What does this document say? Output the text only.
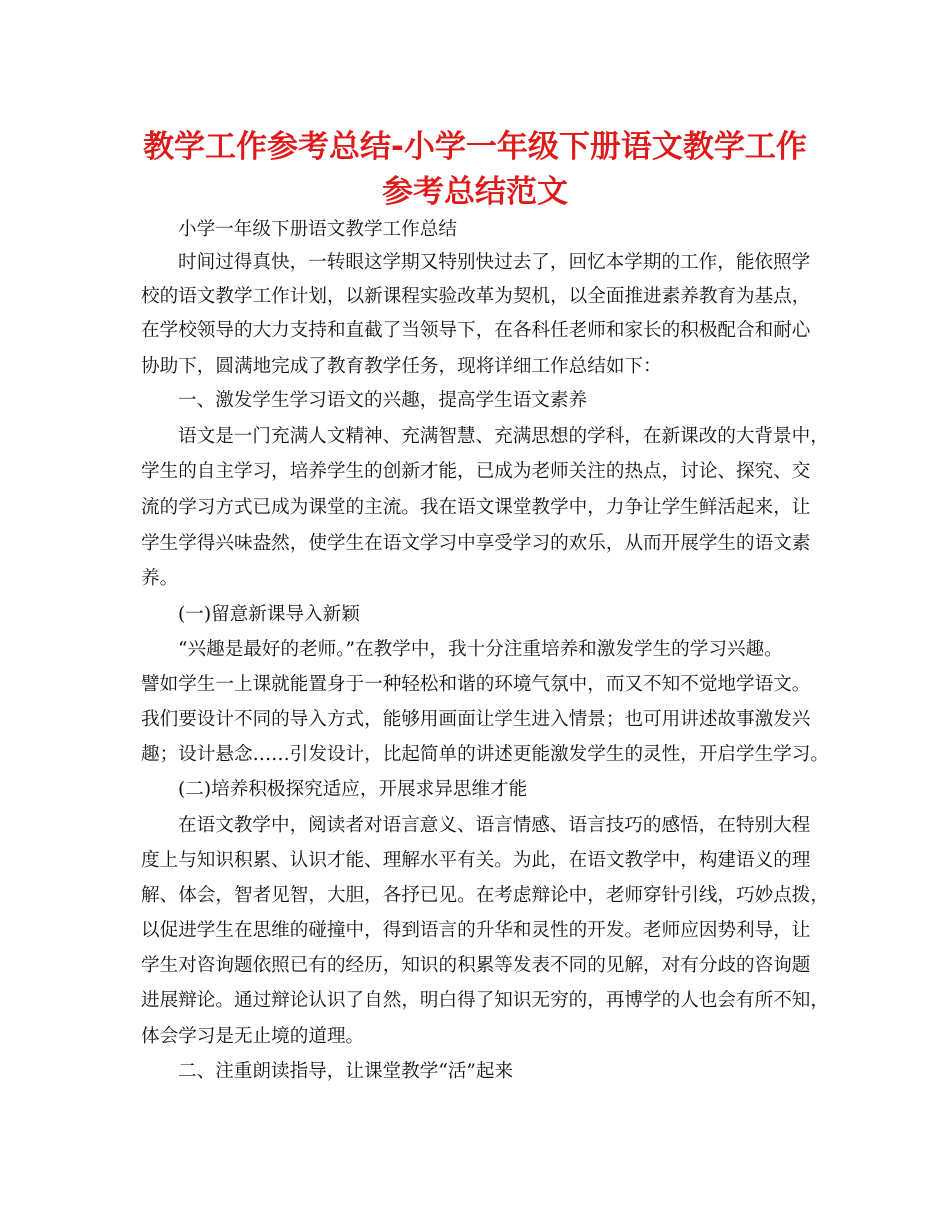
教学工作参考总结-小学一年级下册语文教学工作
参考总结范文
小学一年级下册语文教学工作总结
时间过得真快，一转眼这学期又特别快过去了，回忆本学期的工作，能依照学
校的语文教学工作计划，以新课程实验改革为契机，以全面推进素养教育为基点，
在学校领导的大力支持和直截了当领导下，在各科任老师和家长的积极配合和耐心
协助下，圆满地完成了教育教学任务，现将详细工作总结如下：
一、激发学生学习语文的兴趣，提高学生语文素养
语文是一门充满人文精神、充满智慧、充满思想的学科，在新课改的大背景中，
学生的自主学习，培养学生的创新才能，已成为老师关注的热点，讨论、探究、交
流的学习方式已成为课堂的主流。我在语文课堂教学中，力争让学生鲜活起来，让
学生学得兴味盎然，使学生在语文学习中享受学习的欢乐，从而开展学生的语文素
养。
(一)留意新课导入新颖
“兴趣是最好的老师。”在教学中，我十分注重培养和激发学生的学习兴趣。
譬如学生一上课就能置身于一种轻松和谐的环境气氛中，而又不知不觉地学语文。
我们要设计不同的导入方式，能够用画面让学生进入情景；也可用讲述故事激发兴
趣；设计悬念……引发设计，比起简单的讲述更能激发学生的灵性，开启学生学习。
(二)培养积极探究适应，开展求异思维才能
在语文教学中，阅读者对语言意义、语言情感、语言技巧的感悟，在特别大程
度上与知识积累、认识才能、理解水平有关。为此，在语文教学中，构建语义的理
解、体会，智者见智，大胆，各抒已见。在考虑辩论中，老师穿针引线，巧妙点拨，
以促进学生在思维的碰撞中，得到语言的升华和灵性的开发。老师应因势利导，让
学生对咨询题依照已有的经历，知识的积累等发表不同的见解，对有分歧的咨询题
进展辩论。通过辩论认识了自然，明白得了知识无穷的，再博学的人也会有所不知，
体会学习是无止境的道理。
二、注重朗读指导，让课堂教学“活”起来
